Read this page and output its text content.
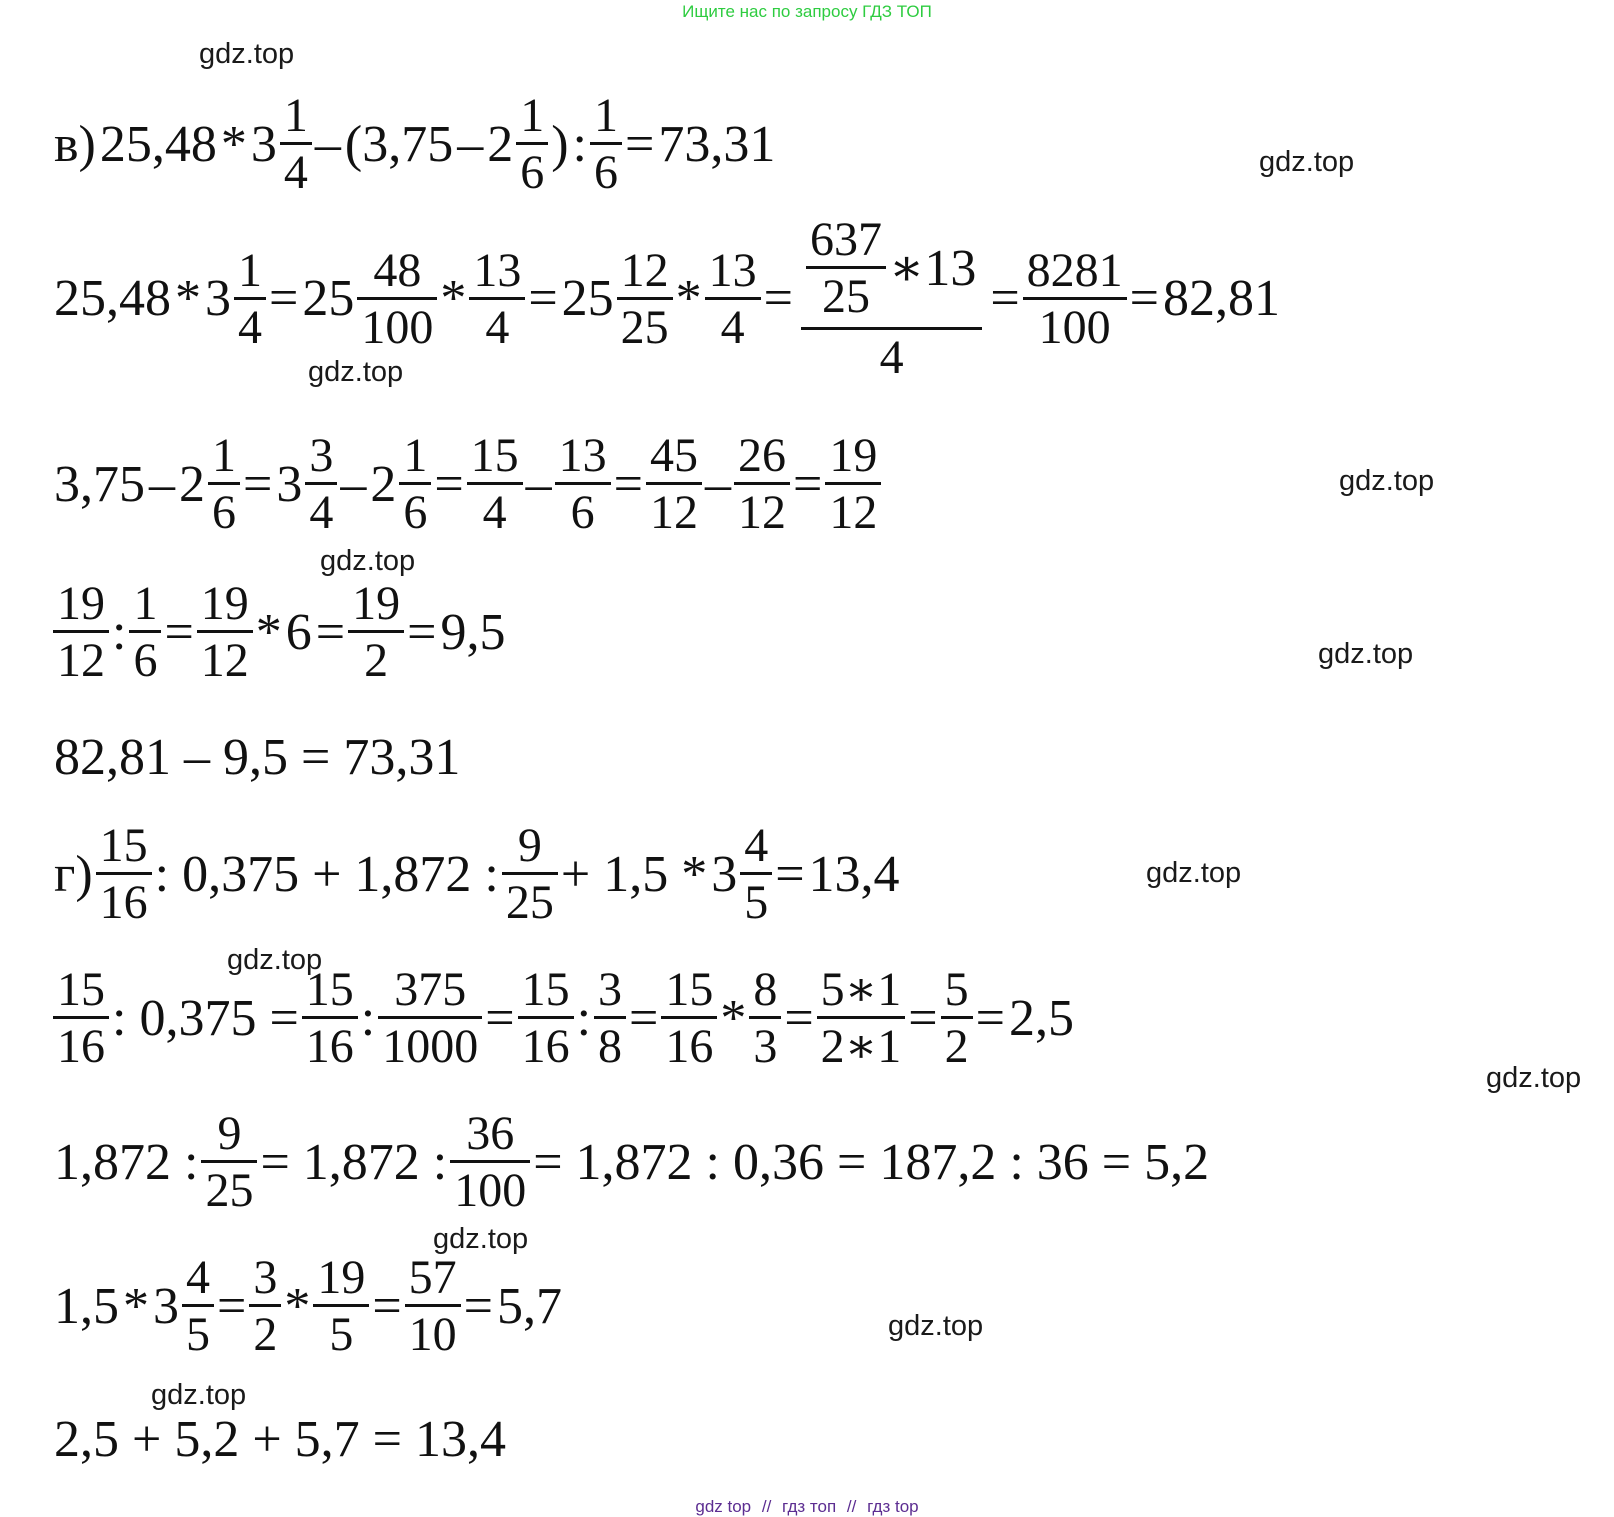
Ищите нас по запросу ГДЗ ТОП
gdz.top
gdz.top
gdz.top
gdz.top
gdz.top
gdz.top
gdz.top
gdz.top
gdz.top
gdz.top
gdz.top
gdz.top
в) $25,48 * 3 \frac{1}{4} - (3,75 - 2 \frac{1}{6}$ ) : $\frac{1}{6} = 73,31$
$25,48 * 3 \frac{1}{4} = 25 \frac{48}{100} * \frac{13}{4} = 25 \frac{12}{25} * \frac{13}{4} = \frac{\frac{637}{25} ∗13}{4} = \frac{8281}{100} = 82,81$
$3,75 - 2 \frac{1}{6} = 3 \frac{3}{4} - 2 \frac{1}{6} = \frac{15}{4} - \frac{13}{6} = \frac{45}{12} - \frac{26}{12} = \frac{19}{12}$
$\frac{19}{12}$ : $\frac{1}{6} = \frac{19}{12} * 6 = \frac{19}{2} = 9,5$
82,81 – 9,5 = 73,31
$г) \frac{15}{16}$ : 0,375 + 1,872 : $\frac{9}{25} + 1,5 * 3 \frac{4}{5} = 13,4$
$\frac{15}{16}$ : $0,375 = \frac{15}{16}$ : $\frac{375}{1000} = \frac{15}{16}$ : $\frac{3}{8} = \frac{15}{16} * \frac{8}{3} = \frac{5∗1}{2∗1} = \frac{5}{2} = 2,5$
1,872 : $\frac{9}{25} = 1,872$ : $\frac{36}{100} = 1,872$ : 0,36 = 187,2 : 36 = 5,2
$1,5 * 3 \frac{4}{5} = \frac{3}{2} * \frac{19}{5} = \frac{57}{10} = 5,7$
2,5 + 5,2 + 5,7 = 13,4
gdz top // гдз топ // гдз top
